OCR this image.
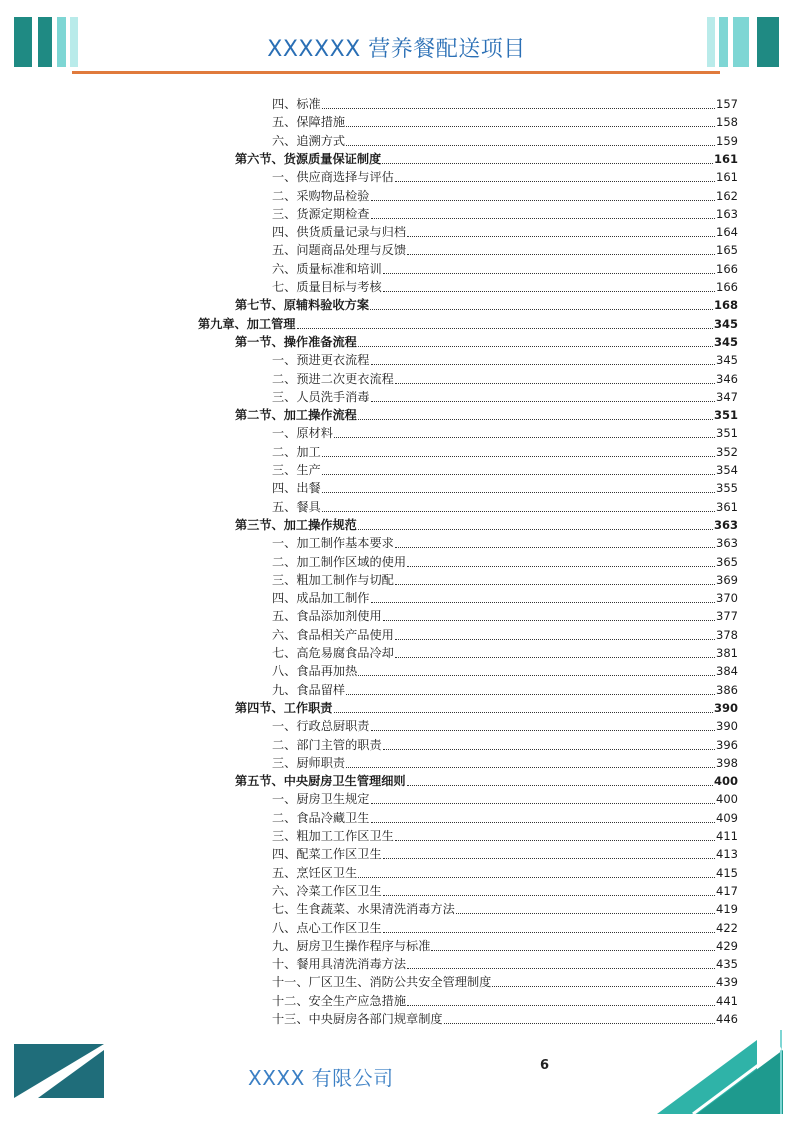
XXXXXX 营养餐配送项目
四、标准	157
五、保障措施	158
六、追溯方式	159
第六节、货源质量保证制度	161
一、供应商选择与评估	161
二、采购物品检验	162
三、货源定期检查	163
四、供货质量记录与归档	164
五、问题商品处理与反馈	165
六、质量标准和培训	166
七、质量目标与考核	166
第七节、原辅料验收方案	168
第九章、加工管理	345
第一节、操作准备流程	345
一、预进更衣流程	345
二、预进二次更衣流程	346
三、人员洗手消毒	347
第二节、加工操作流程	351
一、原材料	351
二、加工	352
三、生产	354
四、出餐	355
五、餐具	361
第三节、加工操作规范	363
一、加工制作基本要求	363
二、加工制作区域的使用	365
三、粗加工制作与切配	369
四、成品加工制作	370
五、食品添加剂使用	377
六、食品相关产品使用	378
七、高危易腐食品冷却	381
八、食品再加热	384
九、食品留样	386
第四节、工作职责	390
一、行政总厨职责	390
二、部门主管的职责	396
三、厨师职责	398
第五节、中央厨房卫生管理细则	400
一、厨房卫生规定	400
二、食品冷藏卫生	409
三、粗加工工作区卫生	411
四、配菜工作区卫生	413
五、烹饪区卫生	415
六、冷菜工作区卫生	417
七、生食蔬菜、水果清洗消毒方法	419
八、点心工作区卫生	422
九、厨房卫生操作程序与标准	429
十、餐用具清洗消毒方法	435
十一、厂区卫生、消防公共安全管理制度	439
十二、安全生产应急措施	441
十三、中央厨房各部门规章制度	446
XXXX 有限公司
6
